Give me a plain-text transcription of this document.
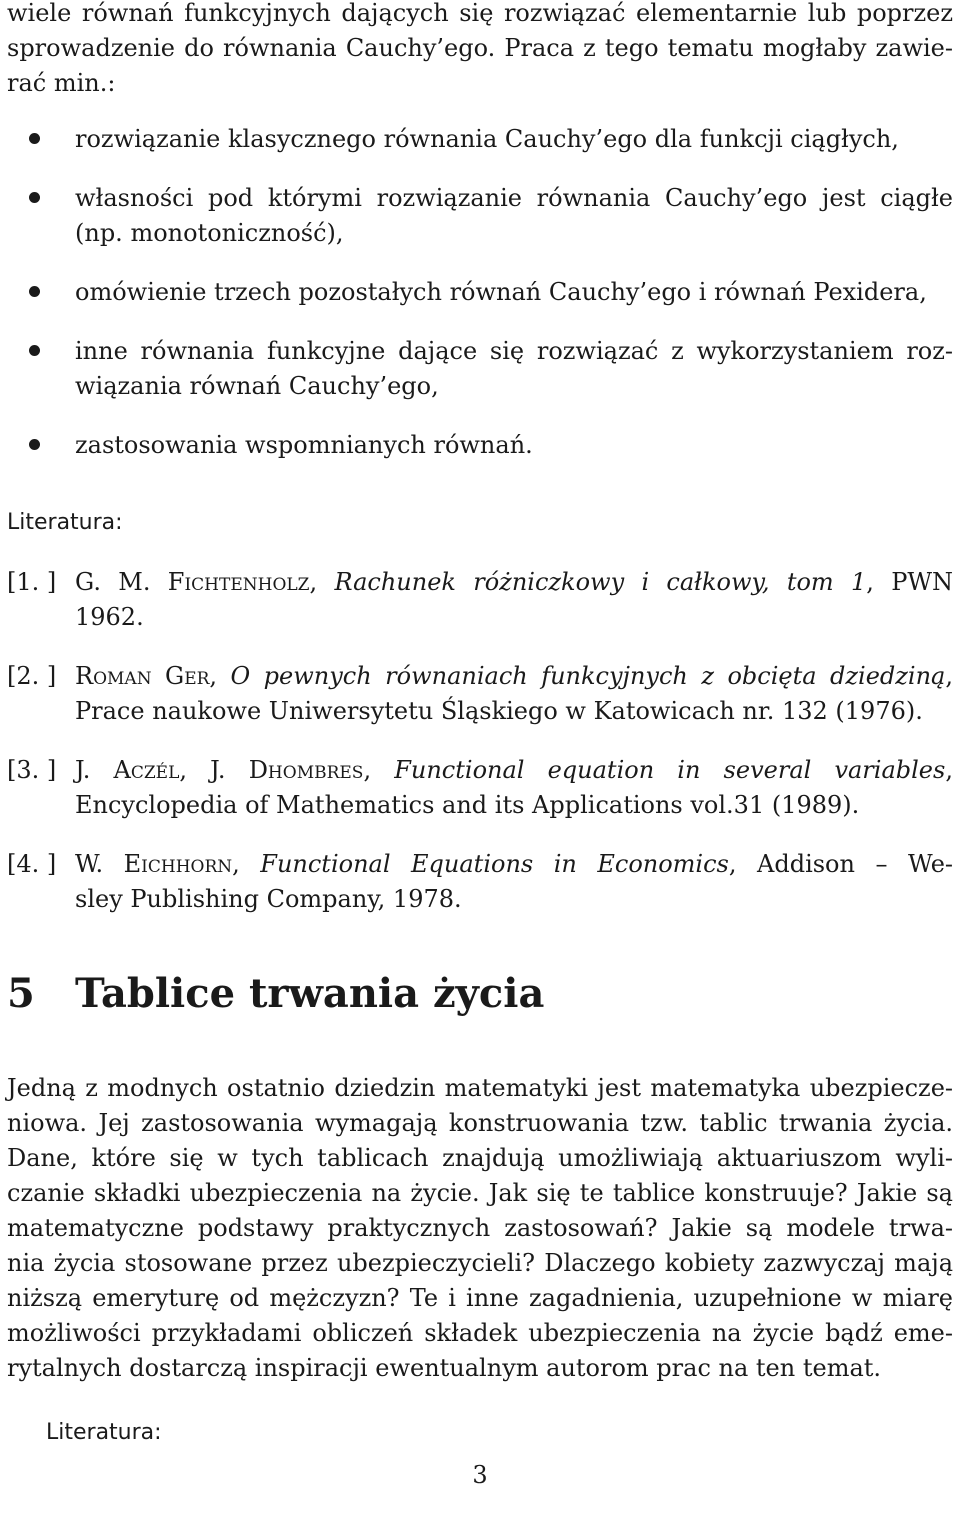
wiele równań funkcyjnych dających się rozwiązać elementarnie lub poprzez
sprowadzenie do równania Cauchy’ego. Praca z tego tematu mogłaby zawie-
rać min.:
rozwiązanie klasycznego równania Cauchy’ego dla funkcji ciągłych,
własności pod którymi rozwiązanie równania Cauchy’ego jest ciągłe
(np. monotoniczność),
omówienie trzech pozostałych równań Cauchy’ego i równań Pexidera,
inne równania funkcyjne dające się rozwiązać z wykorzystaniem roz-
wiązania równań Cauchy’ego,
zastosowania wspomnianych równań.
Literatura:
[1. ] G. M. Fichtenholz, Rachunek różniczkowy i całkowy, tom 1, PWN
1962.
[2. ] Roman Ger, O pewnych równaniach funkcyjnych z obcięta dziedziną,
Prace naukowe Uniwersytetu Śląskiego w Katowicach nr. 132 (1976).
[3. ] J. Aczél, J. Dhombres, Functional equation in several variables,
Encyclopedia of Mathematics and its Applications vol.31 (1989).
[4. ] W. Eichhorn, Functional Equations in Economics, Addison – We-
sley Publishing Company, 1978.
5 Tablice trwania życia
Jedną z modnych ostatnio dziedzin matematyki jest matematyka ubezpiecze-
niowa. Jej zastosowania wymagają konstruowania tzw. tablic trwania życia.
Dane, które się w tych tablicach znajdują umożliwiają aktuariuszom wyli-
czanie składki ubezpieczenia na życie. Jak się te tablice konstruuje? Jakie są
matematyczne podstawy praktycznych zastosowań? Jakie są modele trwa-
nia życia stosowane przez ubezpieczycieli? Dlaczego kobiety zazwyczaj mają
niższą emeryturę od mężczyzn? Te i inne zagadnienia, uzupełnione w miarę
możliwości przykładami obliczeń składek ubezpieczenia na życie bądź eme-
rytalnych dostarczą inspiracji ewentualnym autorom prac na ten temat.
Literatura:
3
